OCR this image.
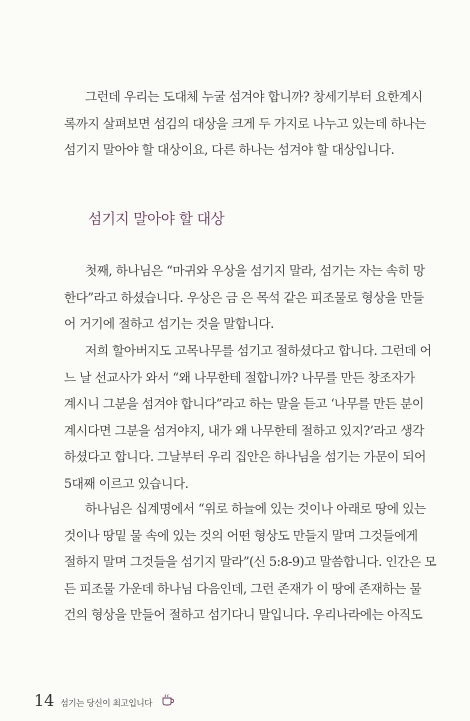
그런데 우리는 도대체 누굴 섬겨야 합니까? 창세기부터 요한계시
록까지 살펴보면 섬김의 대상을 크게 두 가지로 나누고 있는데 하나는
섬기지 말아야 할 대상이요, 다른 하나는 섬겨야 할 대상입니다.
섬기지 말아야 할 대상
첫째, 하나님은 “마귀와 우상을 섬기지 말라, 섬기는 자는 속히 망
한다”라고 하셨습니다. 우상은 금 은 목석 같은 피조물로 형상을 만들
어 거기에 절하고 섬기는 것을 말합니다.
저희 할아버지도 고목나무를 섬기고 절하셨다고 합니다. 그런데 어
느 날 선교사가 와서 “왜 나무한테 절합니까? 나무를 만든 창조자가
계시니 그분을 섬겨야 합니다”라고 하는 말을 듣고 ‘나무를 만든 분이
계시다면 그분을 섬겨야지, 내가 왜 나무한테 절하고 있지?’라고 생각
하셨다고 합니다. 그날부터 우리 집안은 하나님을 섬기는 가문이 되어
5대째 이르고 있습니다.
하나님은 십계명에서 “위로 하늘에 있는 것이나 아래로 땅에 있는
것이나 땅밑 물 속에 있는 것의 어떤 형상도 만들지 말며 그것들에게
절하지 말며 그것들을 섬기지 말라”(신 5:8-9)고 말씀합니다. 인간은 모
든 피조물 가운데 하나님 다음인데, 그런 존재가 이 땅에 존재하는 물
건의 형상을 만들어 절하고 섬기다니 말입니다. 우리나라에는 아직도
14 섬기는 당신이 최고입니다
